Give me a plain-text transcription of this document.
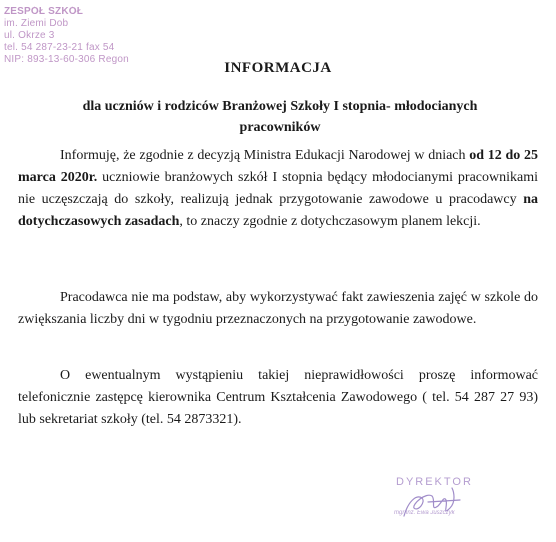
ZESPÓŁ SZKÓŁ
im. Ziemi Dob
ul. Okrze 3
tel. 54 287-23-21 fax 54
NIP: 893-13-60-306 Regon
INFORMACJA
dla uczniów i rodziców Branżowej Szkoły I stopnia- młodocianych
pracowników

Informuję, że zgodnie z decyzją Ministra Edukacji Narodowej w dniach od 12 do 25 marca 2020r. uczniowie branżowych szkół I stopnia będący młodocianymi pracownikami nie uczęszczają do szkoły, realizują jednak przygotowanie zawodowe u pracodawcy na dotychczasowych zasadach, to znaczy zgodnie z dotychczasowym planem lekcji.

Pracodawca nie ma podstaw, aby wykorzystywać fakt zawieszenia zajęć w szkole do zwiększania liczby dni w tygodniu przeznaczonych na przygotowanie zawodowe.

O ewentualnym wystąpieniu takiej nieprawidłowości proszę informować telefonicznie zastępcę kierownika Centrum Kształcenia Zawodowego ( tel. 54 287 27 93) lub sekretariat szkoły (tel. 54 2873321).

DYREKTOR
mgr inż. Ewa Juszczyk
